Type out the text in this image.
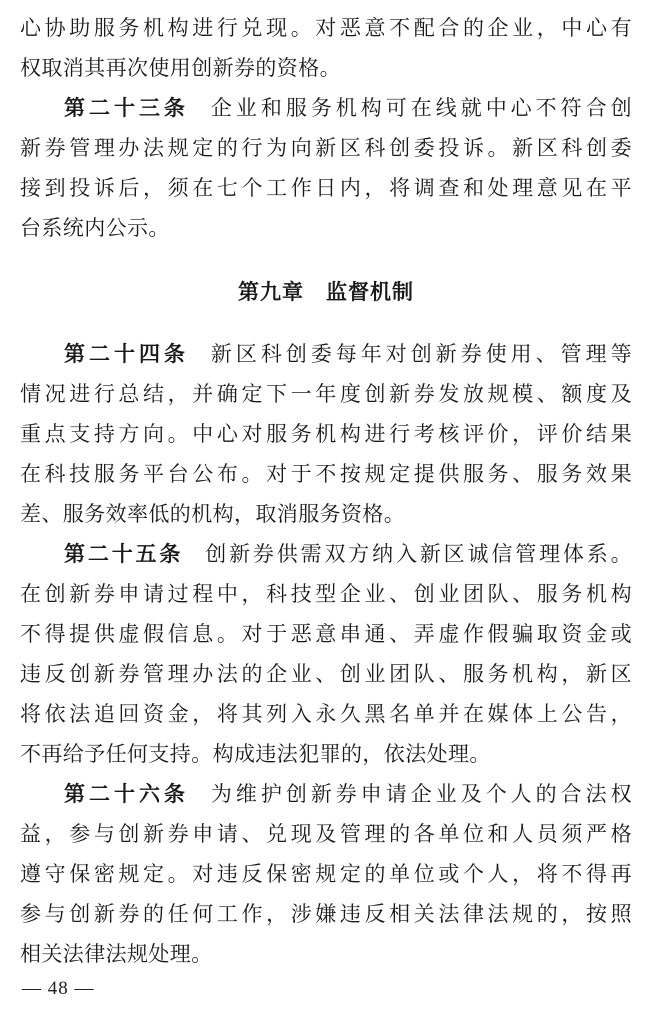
心协助服务机构进行兑现。对恶意不配合的企业，中心有
权取消其再次使用创新券的资格。
第二十三条 企业和服务机构可在线就中心不符合创
新券管理办法规定的行为向新区科创委投诉。新区科创委
接到投诉后，须在七个工作日内，将调查和处理意见在平
台系统内公示。
第九章　监督机制
第二十四条 新区科创委每年对创新券使用、管理等
情况进行总结，并确定下一年度创新券发放规模、额度及
重点支持方向。中心对服务机构进行考核评价，评价结果
在科技服务平台公布。对于不按规定提供服务、服务效果
差、服务效率低的机构，取消服务资格。
第二十五条 创新券供需双方纳入新区诚信管理体系。
在创新券申请过程中，科技型企业、创业团队、服务机构
不得提供虚假信息。对于恶意串通、弄虚作假骗取资金或
违反创新券管理办法的企业、创业团队、服务机构，新区
将依法追回资金，将其列入永久黑名单并在媒体上公告，
不再给予任何支持。构成违法犯罪的，依法处理。
第二十六条 为维护创新券申请企业及个人的合法权
益，参与创新券申请、兑现及管理的各单位和人员须严格
遵守保密规定。对违反保密规定的单位或个人，将不得再
参与创新券的任何工作，涉嫌违反相关法律法规的，按照
相关法律法规处理。
— 48 —
